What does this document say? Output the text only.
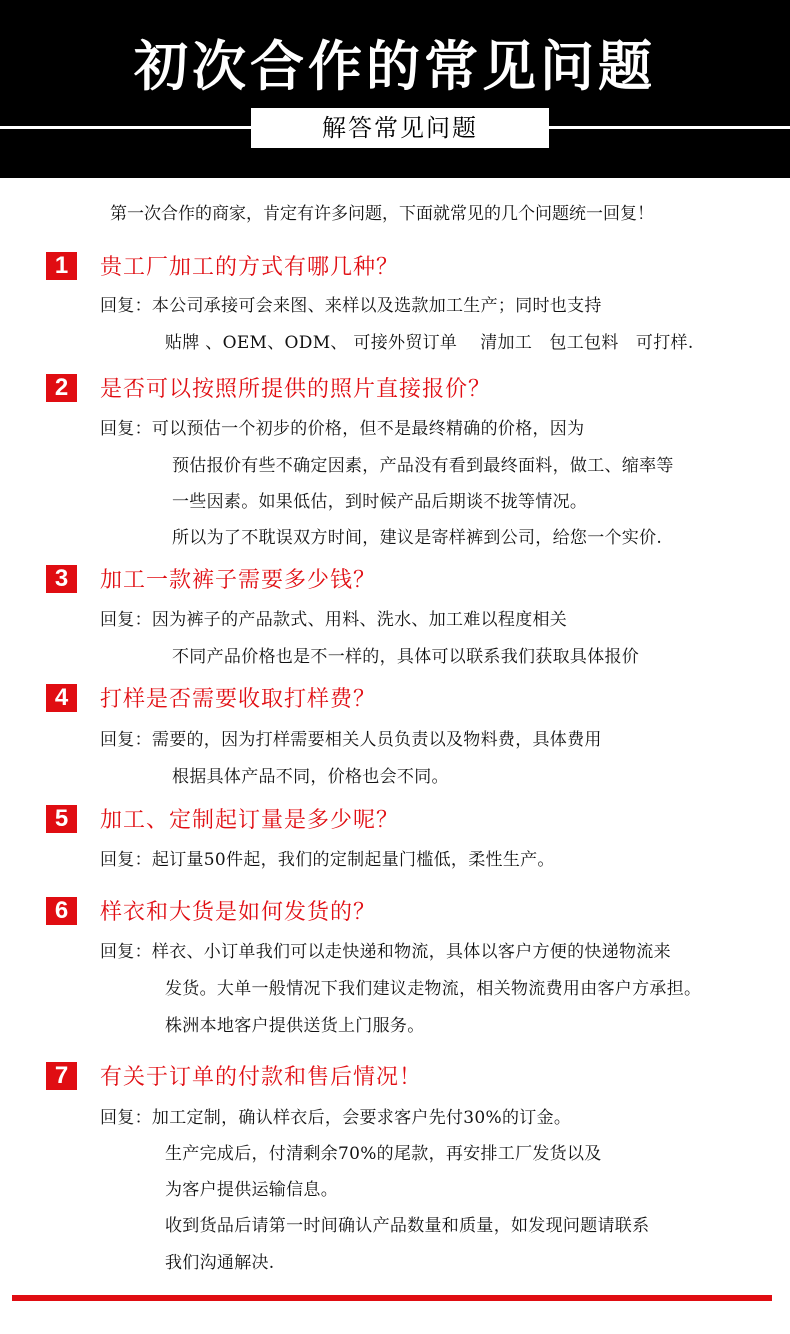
初次合作的常见问题
解答常见问题
第一次合作的商家，肯定有许多问题，下面就常见的几个问题统一回复！
1 贵工厂加工的方式有哪几种？
回复：本公司承接可会来图、来样以及选款加工生产；同时也支持
贴牌 、OEM、ODM、 可接外贸订单　 清加工　包工包料　可打样.
2 是否可以按照所提供的照片直接报价？
回复：可以预估一个初步的价格，但不是最终精确的价格，因为
预估报价有些不确定因素，产品没有看到最终面料，做工、缩率等
一些因素。如果低估，到时候产品后期谈不拢等情况。
所以为了不耽误双方时间，建议是寄样裤到公司，给您一个实价.
3 加工一款裤子需要多少钱？
回复：因为裤子的产品款式、用料、洗水、加工难以程度相关
不同产品价格也是不一样的，具体可以联系我们获取具体报价
4 打样是否需要收取打样费？
回复：需要的，因为打样需要相关人员负责以及物料费，具体费用
根据具体产品不同，价格也会不同。
5 加工、定制起订量是多少呢？
回复：起订量50件起，我们的定制起量门槛低，柔性生产。
6 样衣和大货是如何发货的？
回复：样衣、小订单我们可以走快递和物流，具体以客户方便的快递物流来
发货。大单一般情况下我们建议走物流，相关物流费用由客户方承担。
株洲本地客户提供送货上门服务。
7 有关于订单的付款和售后情况！
回复：加工定制，确认样衣后，会要求客户先付30%的订金。
生产完成后，付清剩余70%的尾款，再安排工厂发货以及
为客户提供运输信息。
收到货品后请第一时间确认产品数量和质量，如发现问题请联系
我们沟通解决.
